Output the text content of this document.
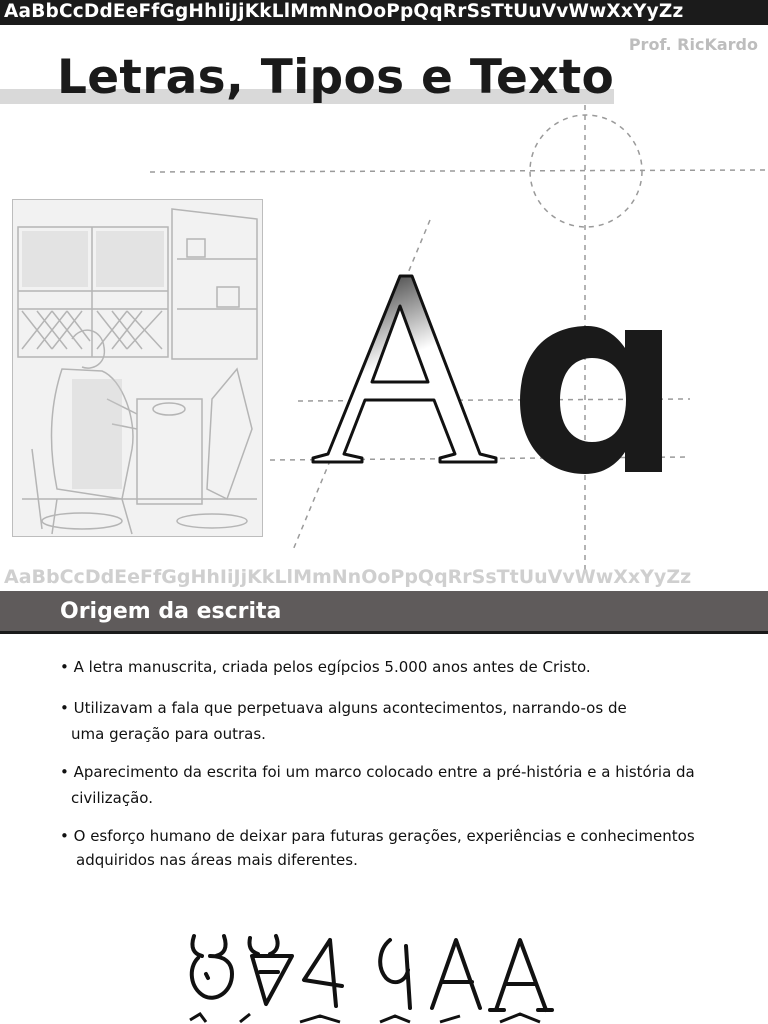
AaBbCcDdEeFfGgHhIiJjKkLlMmNnOoPpQqRrSsTtUuVvWwXxYyZz
Prof. RicKardo
Letras, Tipos e Texto
AaBbCcDdEeFfGgHhIiJjKkLlMmNnOoPpQqRrSsTtUuVvWwXxYyZz
Origem da escrita
• A letra manuscrita, criada pelos egípcios 5.000 anos antes de Cristo.
• Utilizavam a fala que perpetuava alguns acontecimentos, narrando-os de
uma geração para outras.
• Aparecimento da escrita foi um marco colocado entre a pré-história e a história da
civilização.
• O esforço humano de deixar para futuras gerações, experiências e conhecimentos
adquiridos nas áreas mais diferentes.
